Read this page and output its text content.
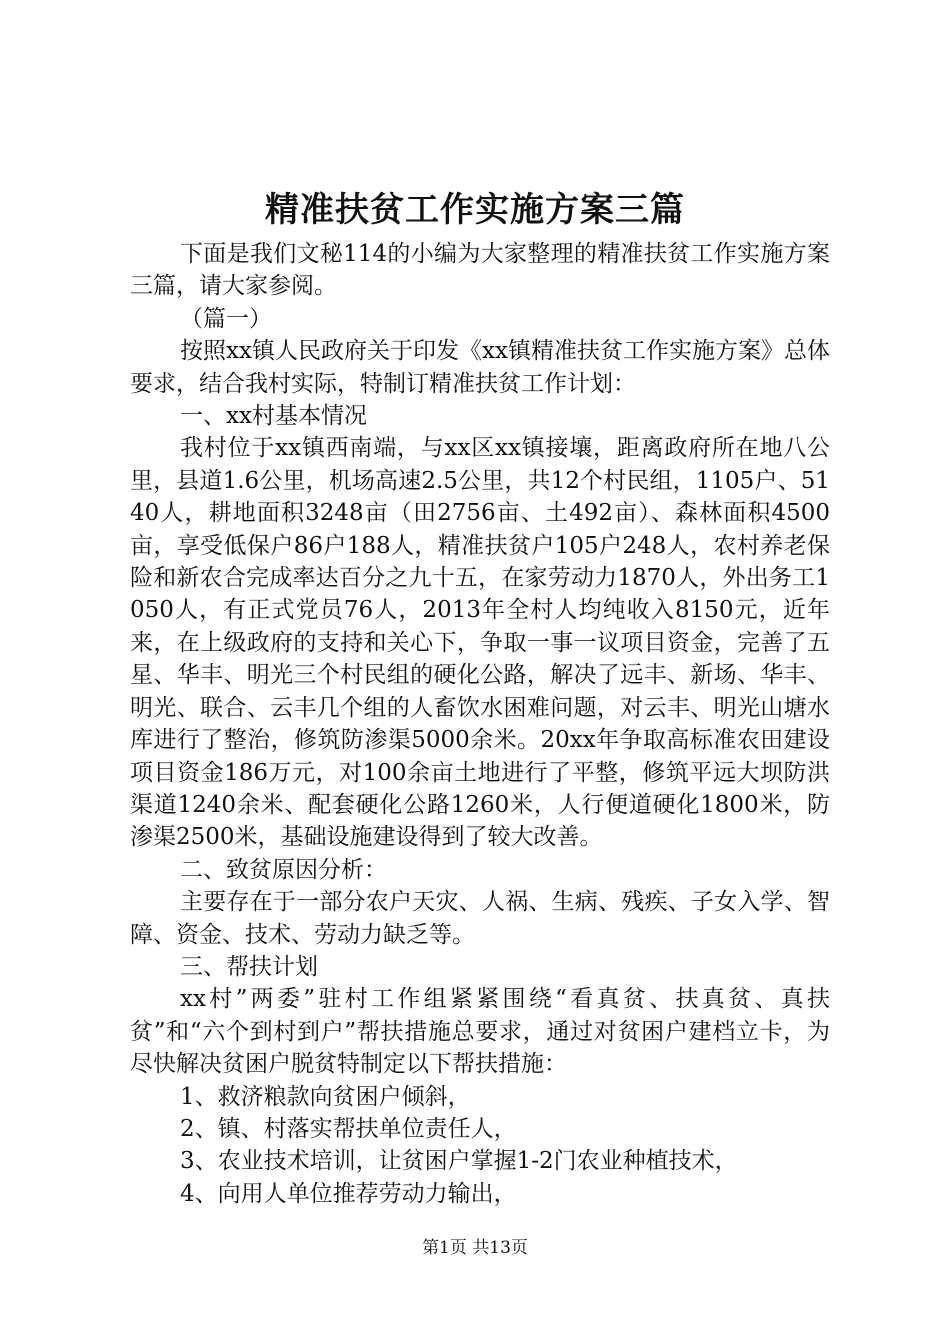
精准扶贫工作实施方案三篇

下面是我们文秘114的小编为大家整理的精准扶贫工作实施方案三篇，请大家参阅。

（篇一）

按照xx镇人民政府关于印发《xx镇精准扶贫工作实施方案》总体要求，结合我村实际，特制订精准扶贫工作计划：

一、xx村基本情况

我村位于xx镇西南端，与xx区xx镇接壤，距离政府所在地八公里，县道1.6公里，机场高速2.5公里，共12个村民组，1105户、5140人，耕地面积3248亩（田2756亩、土492亩）、森林面积4500亩，享受低保户86户188人，精准扶贫户105户248人，农村养老保险和新农合完成率达百分之九十五，在家劳动力1870人，外出务工1050人，有正式党员76人，2013年全村人均纯收入8150元，近年来，在上级政府的支持和关心下，争取一事一议项目资金，完善了五星、华丰、明光三个村民组的硬化公路，解决了远丰、新场、华丰、明光、联合、云丰几个组的人畜饮水困难问题，对云丰、明光山塘水库进行了整治，修筑防渗渠5000余米。20xx年争取高标准农田建设项目资金186万元，对100余亩土地进行了平整，修筑平远大坝防洪渠道1240余米、配套硬化公路1260米，人行便道硬化1800米，防渗渠2500米，基础设施建设得到了较大改善。

二、致贫原因分析：

主要存在于一部分农户天灾、人祸、生病、残疾、子女入学、智障、资金、技术、劳动力缺乏等。

三、帮扶计划

xx村”两委”驻村工作组紧紧围绕“看真贫、扶真贫、真扶贫”和“六个到村到户”帮扶措施总要求，通过对贫困户建档立卡，为尽快解决贫困户脱贫特制定以下帮扶措施：

1、救济粮款向贫困户倾斜，

2、镇、村落实帮扶单位责任人，

3、农业技术培训，让贫困户掌握1-2门农业种植技术，

4、向用人单位推荐劳动力输出，

第1页 共13页
